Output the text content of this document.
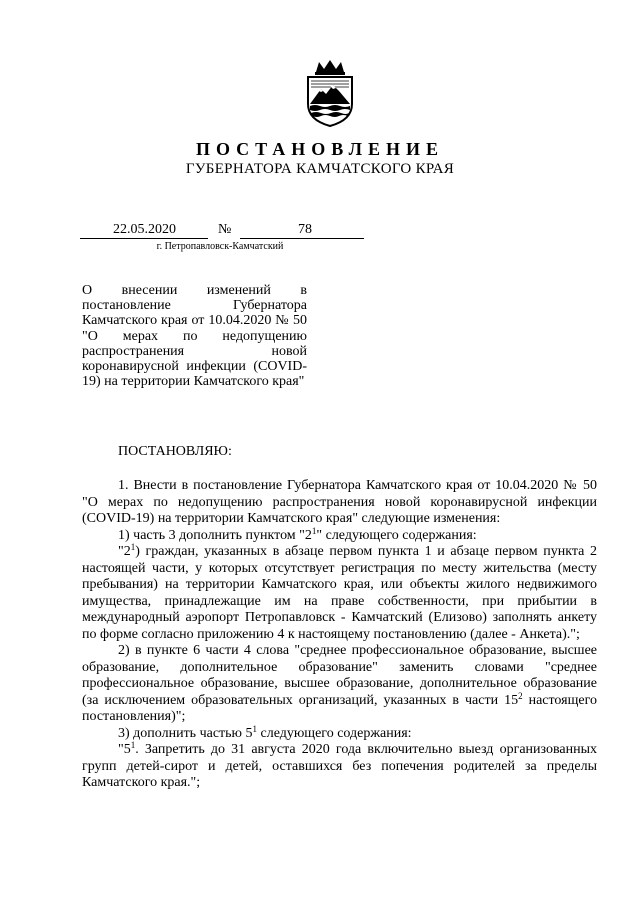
ПОСТАНОВЛЕНИЕ
ГУБЕРНАТОРА КАМЧАТСКОГО КРАЯ
22.05.2020	№	78
г. Петропавловск-Камчатский
О внесении изменений в постановление Губернатора Камчатского края от 10.04.2020 № 50 "О мерах по недопущению распространения новой коронавирусной инфекции (COVID-19) на территории Камчатского края"
ПОСТАНОВЛЯЮ:

1. Внести в постановление Губернатора Камчатского края от 10.04.2020 № 50 "О мерах по недопущению распространения новой коронавирусной инфекции (COVID-19) на территории Камчатского края" следующие изменения:

1) часть 3 дополнить пунктом "$2^1$" следующего содержания:

"$2^1$) граждан, указанных в абзаце первом пункта 1 и абзаце первом пункта 2 настоящей части, у которых отсутствует регистрация по месту жительства (месту пребывания) на территории Камчатского края, или объекты жилого недвижимого имущества, принадлежащие им на праве собственности, при прибытии в международный аэропорт Петропавловск - Камчатский (Елизово) заполнять анкету по форме согласно приложению 4 к настоящему постановлению (далее - Анкета).";

2) в пункте 6 части 4 слова "среднее профессиональное образование, высшее образование, дополнительное образование" заменить словами "среднее профессиональное образование, высшее образование, дополнительное образование (за исключением образовательных организаций, указанных в части $15^2$ настоящего постановления)";

3) дополнить частью $5^1$ следующего содержания:

"$5^1$. Запретить до 31 августа 2020 года включительно выезд организованных групп детей-сирот и детей, оставшихся без попечения родителей за пределы Камчатского края.";
